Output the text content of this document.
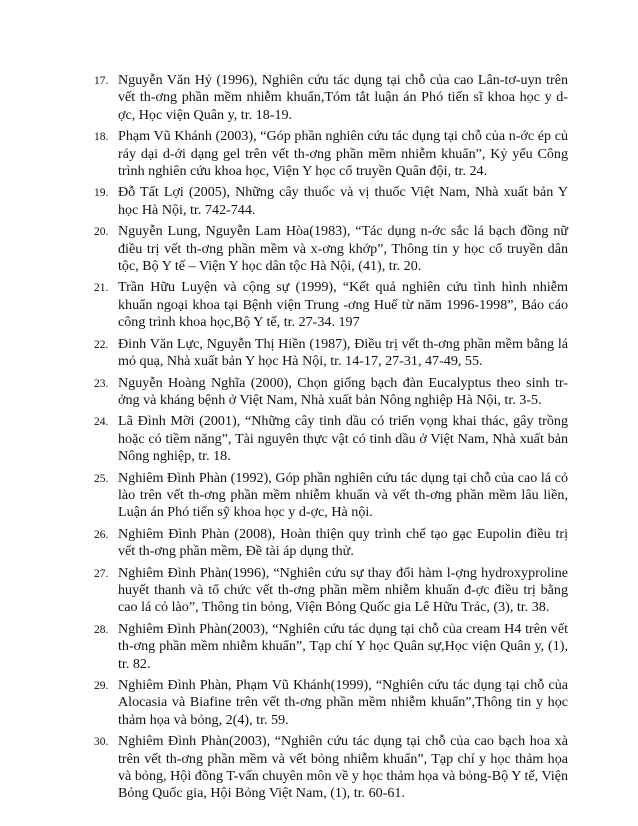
17. Nguyễn Văn Hỷ (1996), Nghiên cứu tác dụng tại chỗ của cao Lân-tơ-uyn trên vết th-ơng phần mềm nhiễm khuẩn,Tóm tắt luận án Phó tiến sĩ khoa học y d-ợc, Học viện Quân y, tr. 18-19.
18. Phạm Vũ Khánh (2003), “Góp phần nghiên cứu tác dụng tại chỗ của n-ớc ép củ ráy dại d-ới dạng gel trên vết th-ơng phần mềm nhiễm khuẩn”, Kỷ yếu Công trình nghiên cứu khoa học, Viện Y học cổ truyền Quân đội, tr. 24.
19. Đỗ Tất Lợi (2005), Những cây thuốc và vị thuốc Việt Nam, Nhà xuất bản Y học Hà Nội, tr. 742-744.
20. Nguyễn Lung, Nguyễn Lam Hòa(1983), “Tác dụng n-ớc sắc lá bạch đồng nữ điều trị vết th-ơng phần mềm và x-ơng khớp”, Thông tin y học cổ truyền dân tộc, Bộ Y tế – Viện Y học dân tộc Hà Nội, (41), tr. 20.
21. Trần Hữu Luyện và cộng sự (1999), “Kết quả nghiên cứu tình hình nhiễm khuẩn ngoại khoa tại Bệnh viện Trung -ơng Huế từ năm 1996-1998”, Báo cáo công trình khoa học,Bộ Y tế, tr. 27-34. 197
22. Đinh Văn Lực, Nguyễn Thị Hiền (1987), Điều trị vết th-ơng phần mềm bằng lá mỏ quạ, Nhà xuất bản Y học Hà Nội, tr. 14-17, 27-31, 47-49, 55.
23. Nguyễn Hoàng Nghĩa (2000), Chọn giống bạch đàn Eucalyptus theo sinh tr-ởng và kháng bệnh ở Việt Nam, Nhà xuất bản Nông nghiệp Hà Nội, tr. 3-5.
24. Lã Đình Mỡi (2001), “Những cây tinh dầu có triển vọng khai thác, gây trồng hoặc có tiềm năng”, Tài nguyên thực vật có tinh dầu ở Việt Nam, Nhà xuất bản Nông nghiệp, tr. 18.
25. Nghiêm Đình Phàn (1992), Góp phần nghiên cứu tác dụng tại chỗ của cao lá cỏ lào trên vết th-ơng phần mềm nhiễm khuẩn và vết th-ơng phần mềm lâu liền, Luận án Phó tiến sỹ khoa học y d-ợc, Hà nội.
26. Nghiêm Đình Phàn (2008), Hoàn thiện quy trình chế tạo gạc Eupolin điều trị vết th-ơng phần mềm, Đề tài áp dụng thử.
27. Nghiêm Đình Phàn(1996), “Nghiên cứu sự thay đổi hàm l-ợng hydroxyproline huyết thanh và tổ chức vết th-ơng phần mềm nhiễm khuẩn đ-ợc điều trị bằng cao lá cỏ lào”, Thông tin bỏng, Viện Bỏng Quốc gia Lê Hữu Trác, (3), tr. 38.
28. Nghiêm Đình Phàn(2003), “Nghiên cứu tác dụng tại chỗ của cream H4 trên vết th-ơng phần mềm nhiễm khuẩn”, Tạp chí Y học Quân sự,Học viện Quân y, (1), tr. 82.
29. Nghiêm Đình Phàn, Phạm Vũ Khánh(1999), “Nghiên cứu tác dụng tại chỗ của Alocasia và Biafine trên vết th-ơng phần mềm nhiễm khuẩn”,Thông tin y học thảm họa và bỏng, 2(4), tr. 59.
30. Nghiêm Đình Phàn(2003), “Nghiên cứu tác dụng tại chỗ của cao bạch hoa xà trên vết th-ơng phần mềm và vết bỏng nhiễm khuẩn”, Tạp chí y học thảm họa và bỏng, Hội đồng T-vấn chuyên môn về y học thảm họa và bỏng-Bộ Y tế, Viện Bỏng Quốc gia, Hội Bỏng Việt Nam, (1), tr. 60-61.
